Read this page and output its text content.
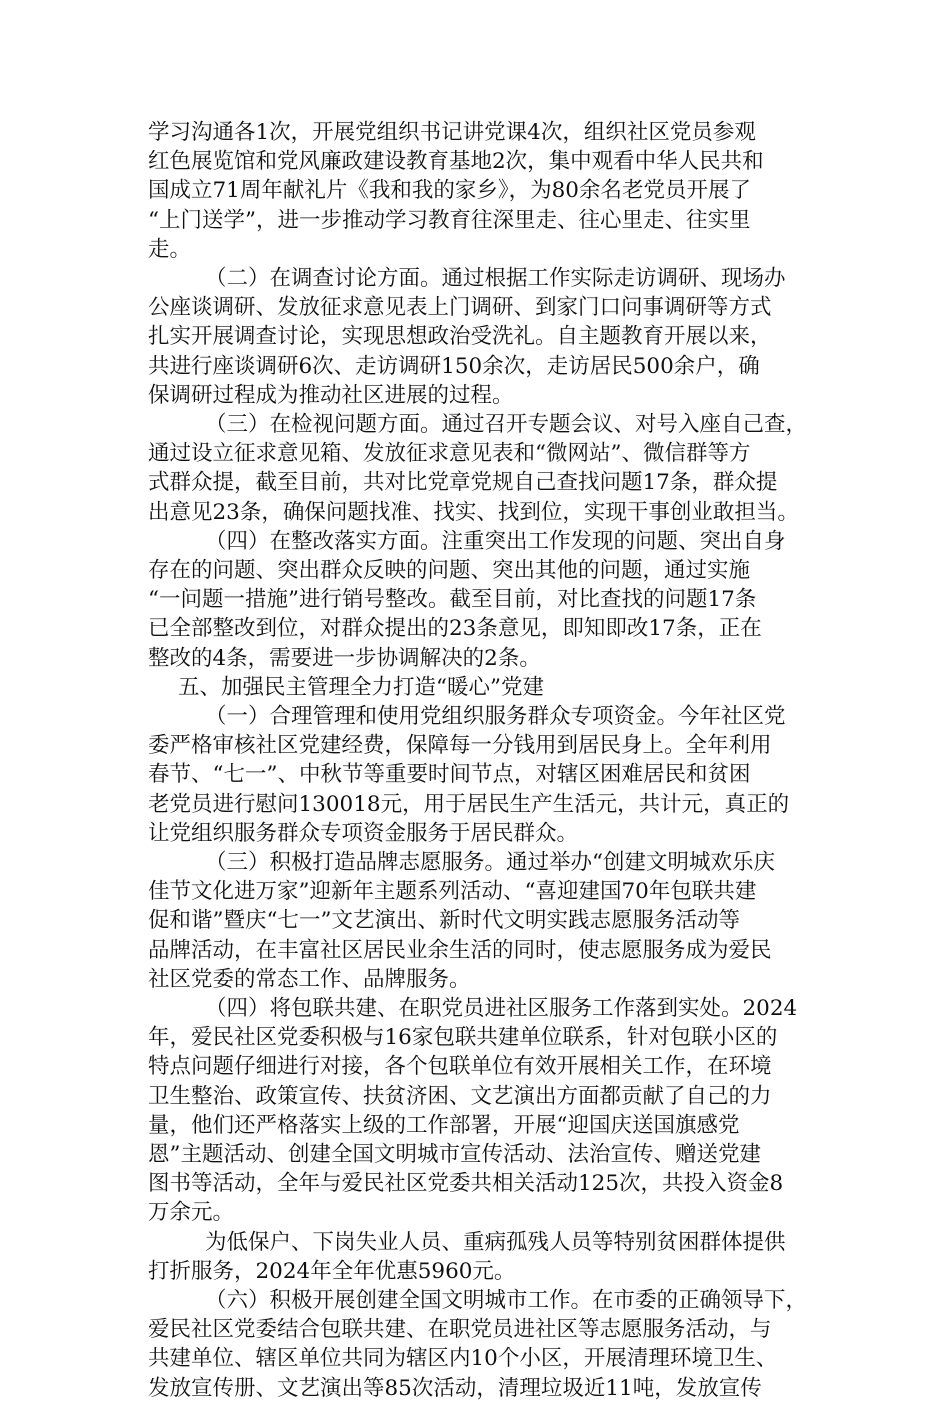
学习沟通各1次，开展党组织书记讲党课4次，组织社区党员参观
红色展览馆和党风廉政建设教育基地2次，集中观看中华人民共和
国成立71周年献礼片《我和我的家乡》，为80余名老党员开展了
“上门送学”，进一步推动学习教育往深里走、往心里走、往实里
走。
（二）在调查讨论方面。通过根据工作实际走访调研、现场办
公座谈调研、发放征求意见表上门调研、到家门口问事调研等方式
扎实开展调查讨论，实现思想政治受洗礼。自主题教育开展以来，
共进行座谈调研6次、走访调研150余次，走访居民500余户，确
保调研过程成为推动社区进展的过程。
（三）在检视问题方面。通过召开专题会议、对号入座自己查，
通过设立征求意见箱、发放征求意见表和“微网站”、微信群等方
式群众提，截至目前，共对比党章党规自己查找问题17条，群众提
出意见23条，确保问题找准、找实、找到位，实现干事创业敢担当。
（四）在整改落实方面。注重突出工作发现的问题、突出自身
存在的问题、突出群众反映的问题、突出其他的问题，通过实施
“一问题一措施”进行销号整改。截至目前，对比查找的问题17条
已全部整改到位，对群众提出的23条意见，即知即改17条，正在
整改的4条，需要进一步协调解决的2条。
五、加强民主管理全力打造“暖心”党建
（一）合理管理和使用党组织服务群众专项资金。今年社区党
委严格审核社区党建经费，保障每一分钱用到居民身上。全年利用
春节、“七一”、中秋节等重要时间节点，对辖区困难居民和贫困
老党员进行慰问130018元，用于居民生产生活元，共计元，真正的
让党组织服务群众专项资金服务于居民群众。
（三）积极打造品牌志愿服务。通过举办“创建文明城欢乐庆
佳节文化进万家”迎新年主题系列活动、“喜迎建国70年包联共建
促和谐”暨庆“七一”文艺演出、新时代文明实践志愿服务活动等
品牌活动，在丰富社区居民业余生活的同时，使志愿服务成为爱民
社区党委的常态工作、品牌服务。
（四）将包联共建、在职党员进社区服务工作落到实处。2024
年，爱民社区党委积极与16家包联共建单位联系，针对包联小区的
特点问题仔细进行对接，各个包联单位有效开展相关工作，在环境
卫生整治、政策宣传、扶贫济困、文艺演出方面都贡献了自己的力
量，他们还严格落实上级的工作部署，开展“迎国庆送国旗感党
恩”主题活动、创建全国文明城市宣传活动、法治宣传、赠送党建
图书等活动，全年与爱民社区党委共相关活动125次，共投入资金8
万余元。
为低保户、下岗失业人员、重病孤残人员等特别贫困群体提供
打折服务，2024年全年优惠5960元。
（六）积极开展创建全国文明城市工作。在市委的正确领导下，
爱民社区党委结合包联共建、在职党员进社区等志愿服务活动，与
共建单位、辖区单位共同为辖区内10个小区，开展清理环境卫生、
发放宣传册、文艺演出等85次活动，清理垃圾近11吨，发放宣传
